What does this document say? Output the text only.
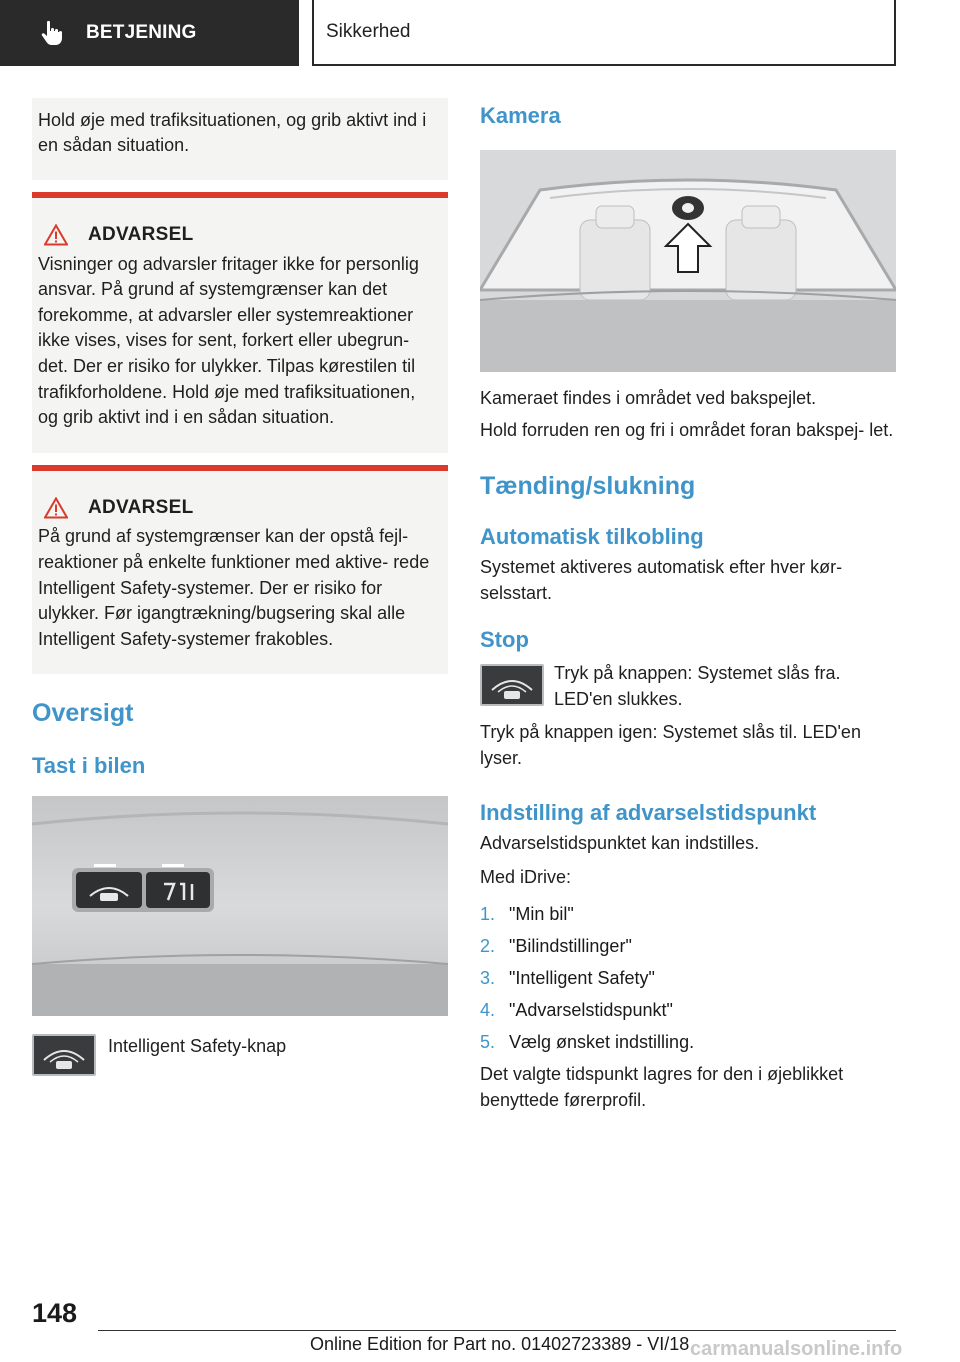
BETJENING	Sikkerhed
Hold øje med trafiksituationen, og grib aktivt ind i en sådan situation.
ADVARSEL
Visninger og advarsler fritager ikke for personlig ansvar. På grund af systemgrænser kan det forekomme, at advarsler eller systemreaktioner ikke vises, vises for sent, forkert eller ubegrun- det. Der er risiko for ulykker. Tilpas kørestilen til trafikforholdene. Hold øje med trafiksituationen, og grib aktivt ind i en sådan situation.
ADVARSEL
På grund af systemgrænser kan der opstå fejl- reaktioner på enkelte funktioner med aktive- rede Intelligent Safety-systemer. Der er risiko for ulykker. Før igangtrækning/bugsering skal alle Intelligent Safety-systemer frakobles.
Oversigt
Tast i bilen

Intelligent Safety-knap

Kamera

Kameraet findes i området ved bakspejlet.

Hold forruden ren og fri i området foran bakspej- let.

Tænding/slukning
Automatisk tilkobling

Systemet aktiveres automatisk efter hver kør- selsstart.

Stop

Tryk på knappen: Systemet slås fra. LED'en slukkes.

Tryk på knappen igen: Systemet slås til. LED'en lyser.

Indstilling af advarselstidspunkt

Advarselstidspunktet kan indstilles.

Med iDrive:

1. "Min bil"
2. "Bilindstillinger"
3. "Intelligent Safety"
4. "Advarselstidspunkt"
5. Vælg ønsket indstilling.

Det valgte tidspunkt lagres for den i øjeblikket benyttede førerprofil.

148
Online Edition for Part no. 01402723389 - VI/18 carmanualsonline.info
